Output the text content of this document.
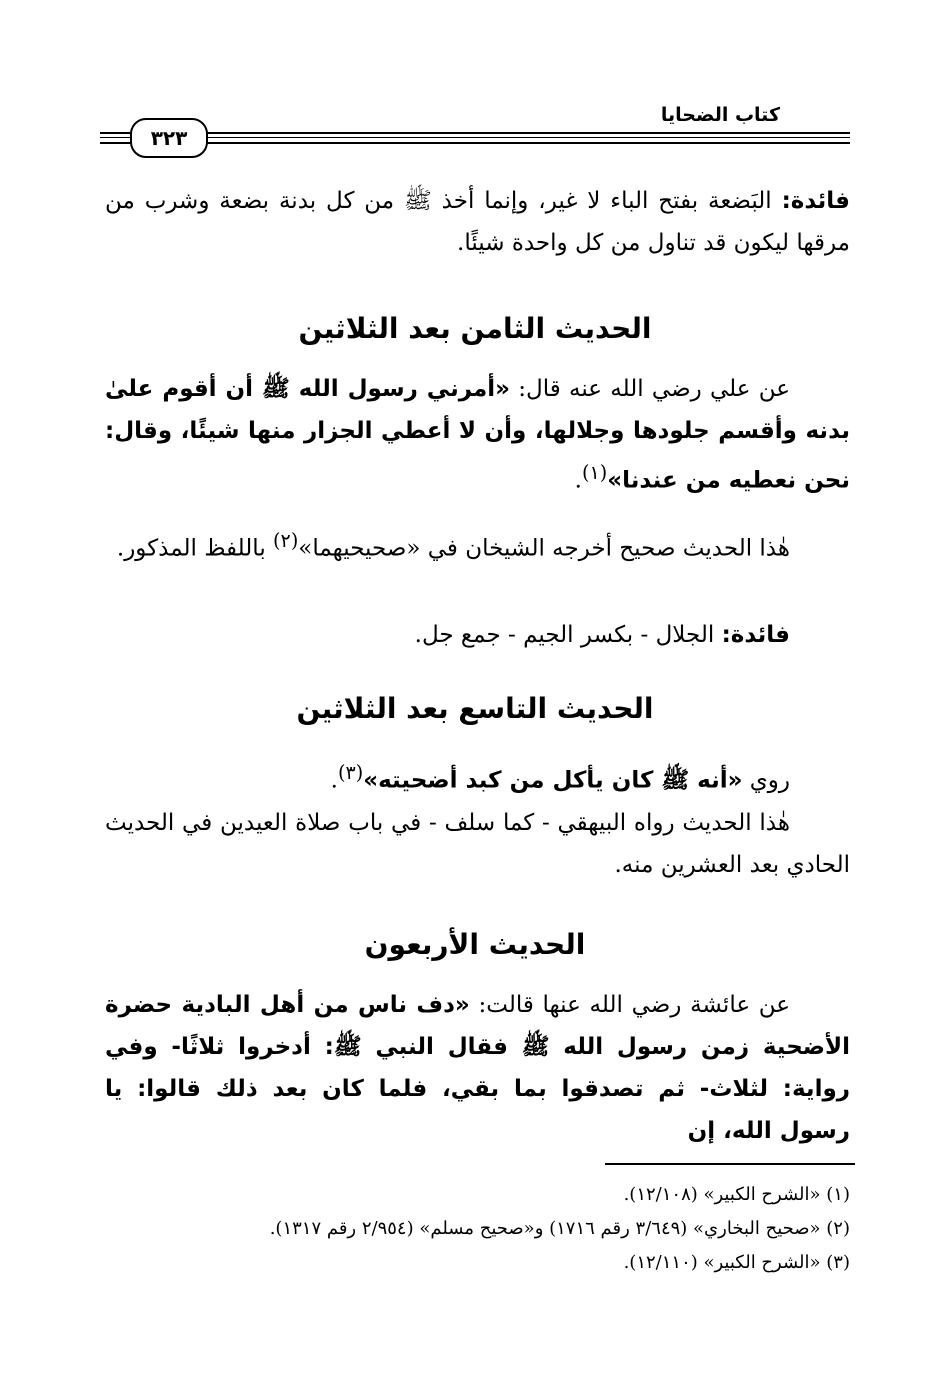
كتاب الضحايا
٣٢٣

فائدة: البَضعة بفتح الباء لا غير، وإنما أخذ ﷺ من كل بدنة بضعة وشرب من مرقها ليكون قد تناول من كل واحدة شيئًا.

الحديث الثامن بعد الثلاثين

عن علي رضي الله عنه قال: «أمرني رسول الله ﷺ أن أقوم علىٰ بدنه وأقسم جلودها وجلالها، وأن لا أعطي الجزار منها شيئًا، وقال: نحن نعطيه من عندنا»$^{(١)}$.

هٰذا الحديث صحيح أخرجه الشيخان في «صحيحيهما»$^{(٢)}$ باللفظ المذكور.

فائدة: الجلال - بكسر الجيم - جمع جل.

الحديث التاسع بعد الثلاثين

روي «أنه ﷺ كان يأكل من كبد أضحيته»$^{(٣)}$.

هٰذا الحديث رواه البيهقي - كما سلف - في باب صلاة العيدين في الحديث الحادي بعد العشرين منه.

الحديث الأربعون

عن عائشة رضي الله عنها قالت: «دف ناس من أهل البادية حضرة الأضحية زمن رسول الله ﷺ فقال النبي ﷺ: أدخروا ثلاثًا- وفي رواية: لثلاث- ثم تصدقوا بما بقي، فلما كان بعد ذلك قالوا: يا رسول الله، إن

(١) «الشرح الكبير» (١٢/١٠٨).
(٢) «صحيح البخاري» (٣/٦٤٩ رقم ١٧١٦) و«صحيح مسلم» (٢/٩٥٤ رقم ١٣١٧).
(٣) «الشرح الكبير» (١٢/١١٠).
